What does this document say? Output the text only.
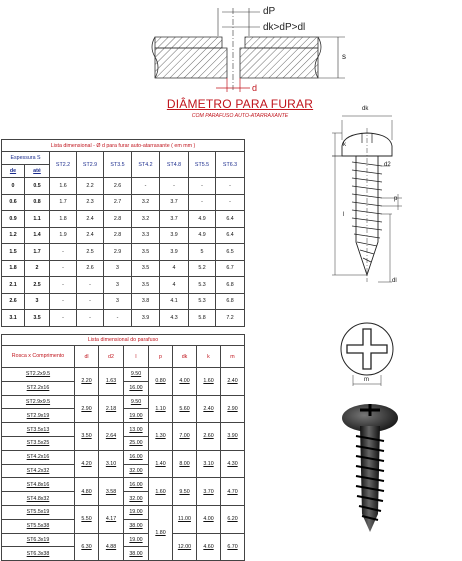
dP
dk>dP>dl
s
d
DIÂMETRO PARA FURAR
COM PARAFUSO AUTO-ATARRAXANTE
dk
d2
k
p
l
dl
m
Lista dimensional - Ø d para furar auto-atarraxante ( em mm )								
Espessura S		ST2.2	ST2.9	ST3.5	ST4.2	ST4.8	ST5.5	ST6.3
de	até							
0	0.5	1.6	2.2	2.6	-	-	-	-
0.6	0.8	1.7	2.3	2.7	3.2	3.7	-	-
0.9	1.1	1.8	2.4	2.8	3.2	3.7	4.9	6.4
1.2	1.4	1.9	2.4	2.8	3.3	3.9	4.9	6.4
1.5	1.7	-	2.5	2.9	3.5	3.9	5	6.5
1.8	2	-	2.6	3	3.5	4	5.2	6.7
2.1	2.5	-	-	3	3.5	4	5.3	6.8
2.6	3	-	-	3	3.8	4.1	5.3	6.8
3.1	3.5	-	-	-	3.9	4.3	5.8	7.2
Lista dimensional do parafuso							
Rosca x Comprimento	dl	d2	l	p	dk	k	m
ST2.2x9.5	2.20	1.63	9.50	0.80	4.00	1.60	2.40
ST2.2x16			16.00				
ST2.9x9.5	2.90	2.18	9.50	1.10	5.60	2.40	2.90
ST2.9x19			19.00				
ST3.5x13	3.50	2.64	13.00	1.30	7.00	2.60	3.90
ST3.5x25			25.00				
ST4.2x16	4.20	3.10	16.00	1.40	8.00	3.10	4.30
ST4.2x32			32.00				
ST4.8x16	4.80	3.58	16.00	1.60	9.50	3.70	4.70
ST4.8x32			32.00				
ST5.5x19	5.50	4.17	19.00	1.80	11.00	4.00	6.20
ST5.5x38			38.00				
ST6.3x19	6.30	4.88	19.00		12.00	4.60	6.70
ST6.3x38			38.00				
